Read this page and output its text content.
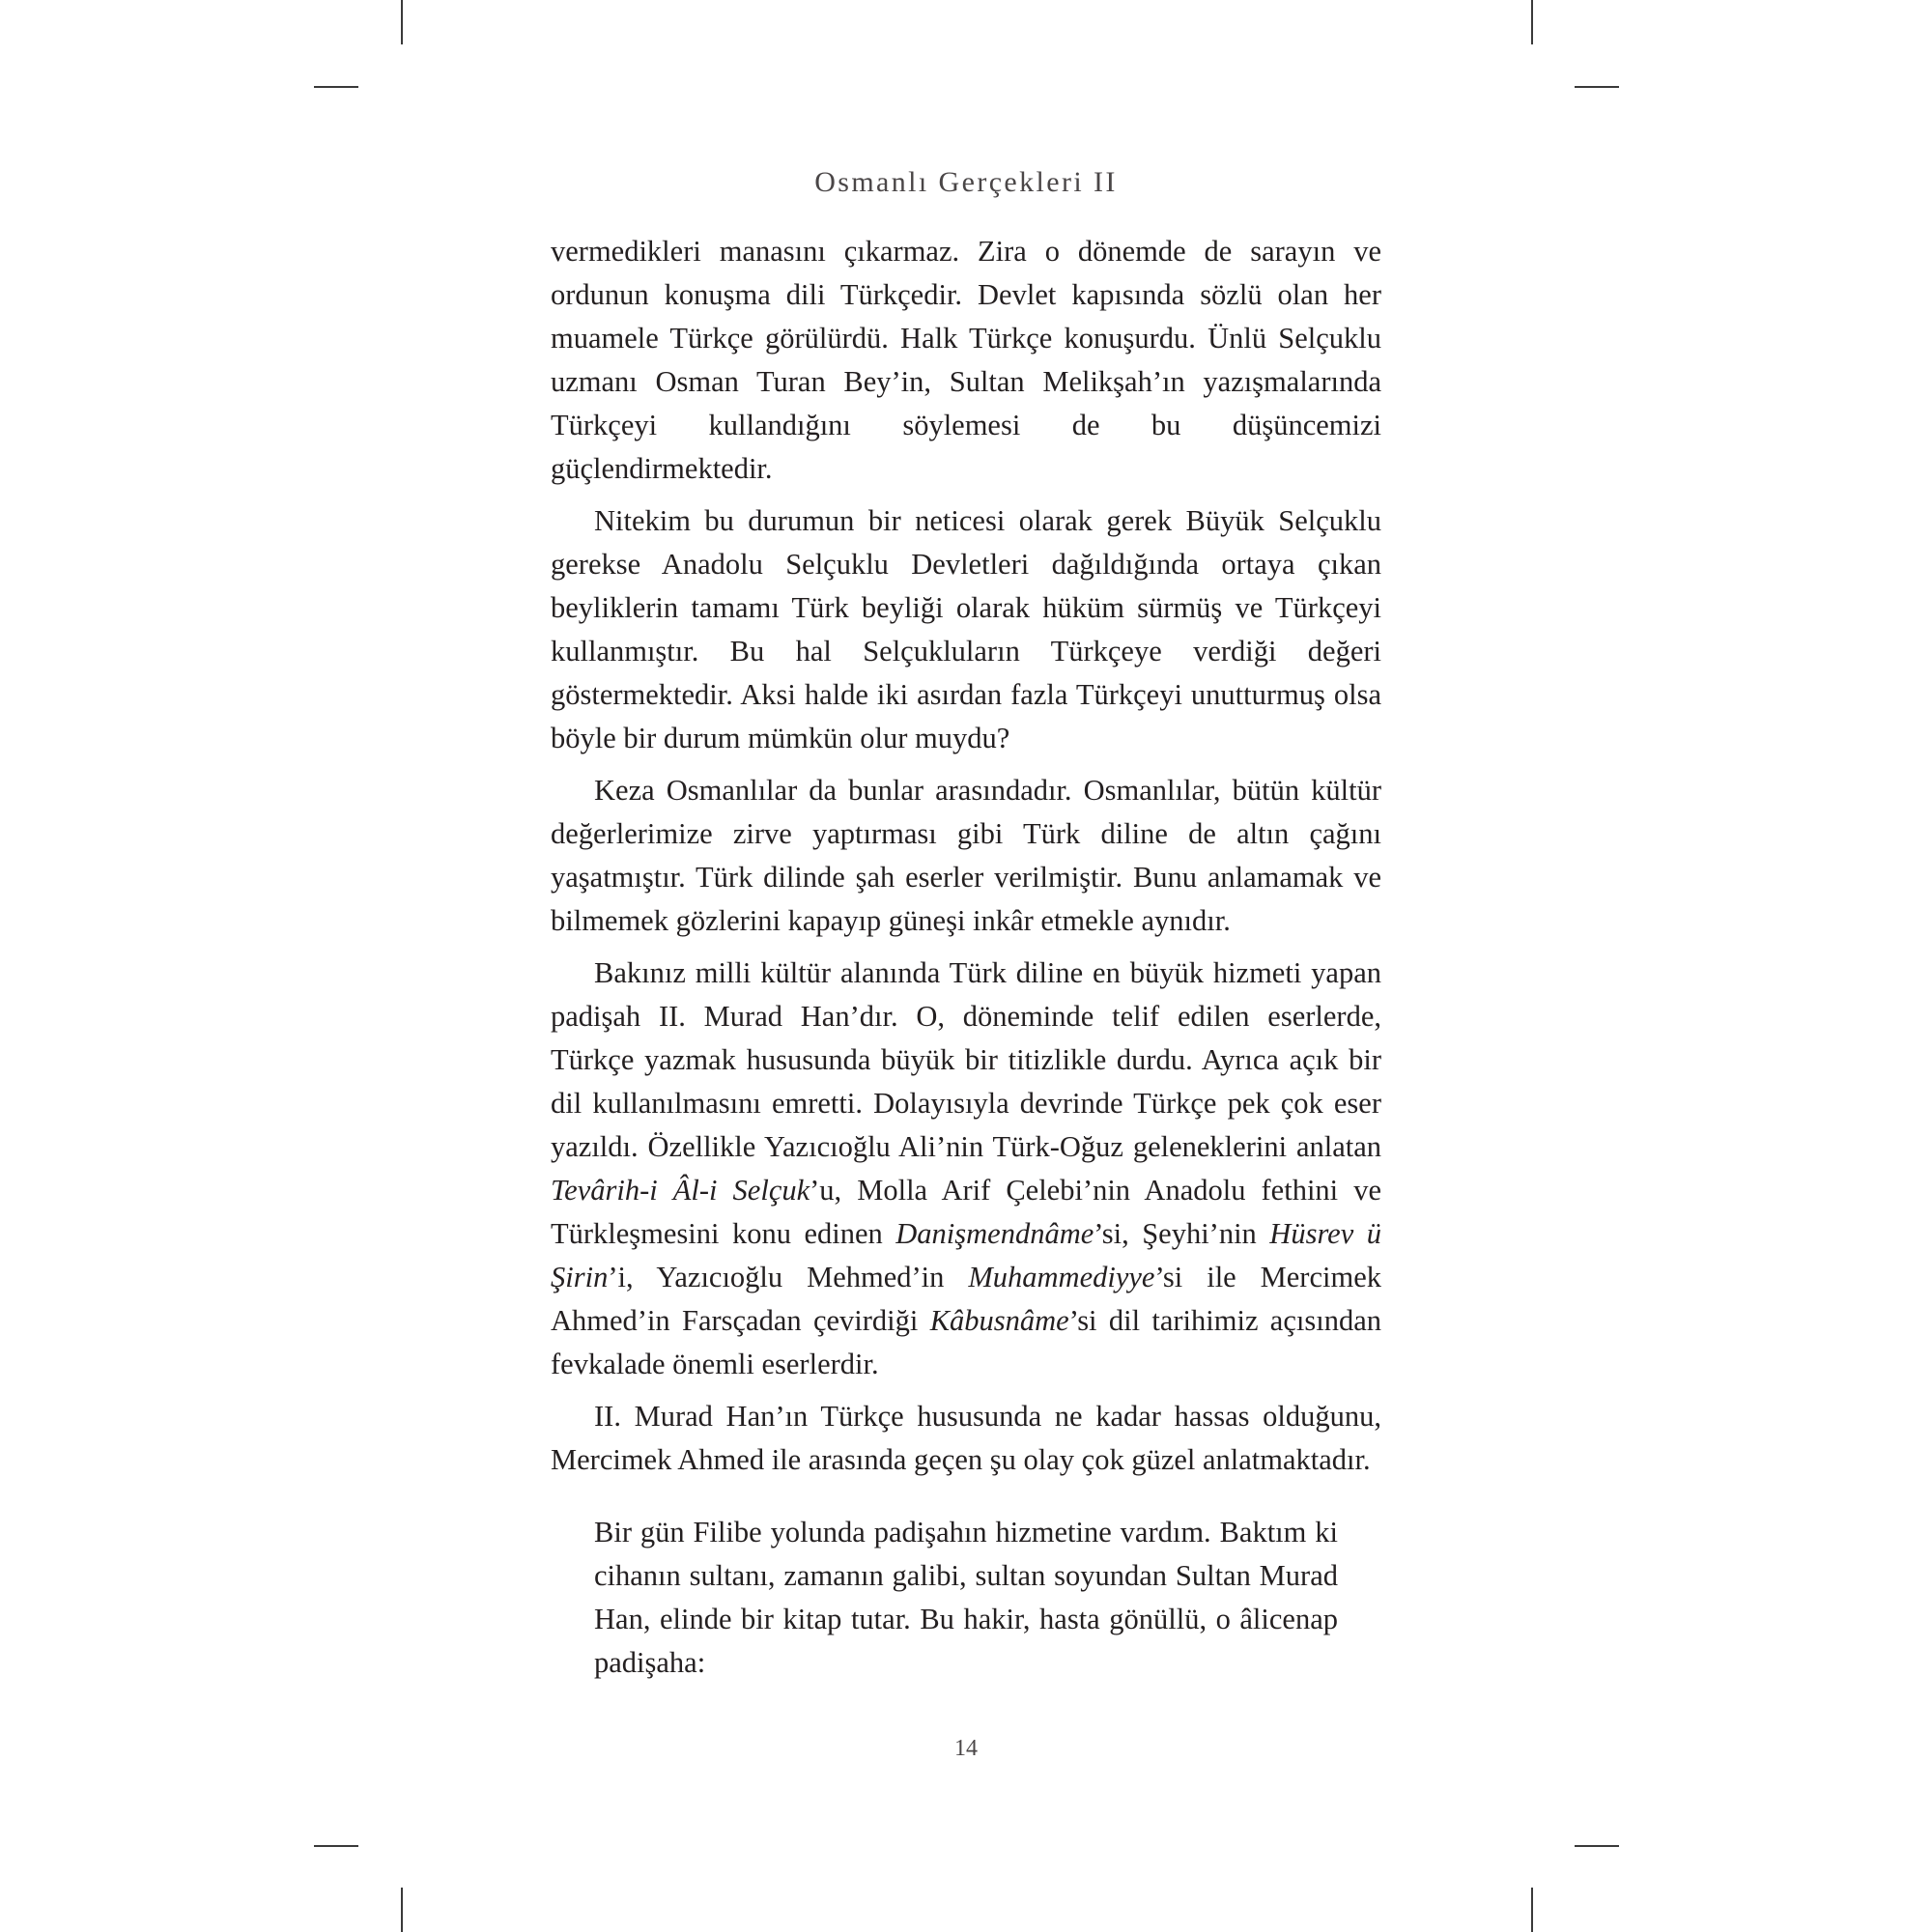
Osmanlı Gerçekleri II

vermedikleri manasını çıkarmaz. Zira o dönemde de sarayın ve ordunun konuşma dili Türkçedir. Devlet kapısında sözlü olan her muamele Türkçe görülürdü. Halk Türkçe konuşurdu. Ünlü Selçuklu uzmanı Osman Turan Bey’in, Sultan Melikşah’ın yazışmalarında Türkçeyi kullandığını söylemesi de bu düşüncemizi güçlendirmektedir.

Nitekim bu durumun bir neticesi olarak gerek Büyük Selçuklu gerekse Anadolu Selçuklu Devletleri dağıldığında ortaya çıkan beyliklerin tamamı Türk beyliği olarak hüküm sürmüş ve Türkçeyi kullanmıştır. Bu hal Selçukluların Türkçeye verdiği değeri göstermektedir. Aksi halde iki asırdan fazla Türkçeyi unutturmuş olsa böyle bir durum mümkün olur muydu?

Keza Osmanlılar da bunlar arasındadır. Osmanlılar, bütün kültür değerlerimize zirve yaptırması gibi Türk diline de altın çağını yaşatmıştır. Türk dilinde şah eserler verilmiştir. Bunu anlamamak ve bilmemek gözlerini kapayıp güneşi inkâr etmekle aynıdır.

Bakınız milli kültür alanında Türk diline en büyük hizmeti yapan padişah II. Murad Han’dır. O, döneminde telif edilen eserlerde, Türkçe yazmak hususunda büyük bir titizlikle durdu. Ayrıca açık bir dil kullanılmasını emretti. Dolayısıyla devrinde Türkçe pek çok eser yazıldı. Özellikle Yazıcıoğlu Ali’nin Türk-Oğuz geleneklerini anlatan Tevârih-i Âl-i Selçuk’u, Molla Arif Çelebi’nin Anadolu fethini ve Türkleşmesini konu edinen Danişmendnâme’si, Şeyhi’nin Hüsrev ü Şirin’i, Yazıcıoğlu Mehmed’in Muhammediyye’si ile Mercimek Ahmed’in Farsçadan çevirdiği Kâbusnâme’si dil tarihimiz açısından fevkalade önemli eserlerdir.

II. Murad Han’ın Türkçe hususunda ne kadar hassas olduğunu, Mercimek Ahmed ile arasında geçen şu olay çok güzel anlatmaktadır.

Bir gün Filibe yolunda padişahın hizmetine vardım. Baktım ki cihanın sultanı, zamanın galibi, sultan soyundan Sultan Murad Han, elinde bir kitap tutar. Bu hakir, hasta gönüllü, o âlicenap padişaha:

14
